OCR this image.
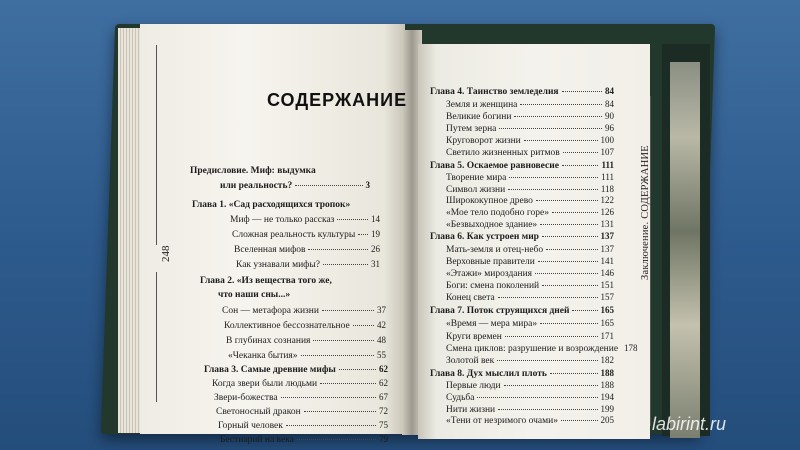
248	Заключение. СОДЕРЖАНИЕ
СОДЕРЖАНИЕ
Предисловие. Миф: выдумка
или реальность?	3
Глава 1. «Сад расходящихся тропок»
Миф — не только рассказ	14
Сложная реальность культуры 19
Вселенная мифов	26
Как узнавали мифы?	31
Глава 2. «Из вещества того же,
что наши сны...»
Сон — метафора жизни	37
Коллективное бессознательное	42
В глубинах сознания	48
«Чеканка бытия»	55
Глава 3. Самые древние мифы	62
Когда звери были людьми	62
Звери-божества	67
Светоносный дракон	72
Горный человек	75
Бестиарий на века	79
Глава 4. Таинство земледелия	84
Земля и женщина	84
Великие богини	90
Путем зерна	96
Круговорот жизни	100
Светило жизненных ритмов	107
Глава 5. Оскаемое равновесие	111
Творение мира	111
Символ жизни	118
Ширококупное древо	122
«Мое тело подобно горе»	126
«Безвыходное здание»	131
Глава 6. Как устроен мир	137
Мать-земля и отец-небо	137
Верховные правители	141
«Этажи» мироздания	146
Боги: смена поколений	151
Конец света	157
Глава 7. Поток струящихся дней	165
«Время — мера мира»	165
Круги времен	171
Смена циклов: разрушение и возрождение 178
Золотой век	182
Глава 8. Дух мыслил плоть	188
Первые люди	188
Судьба	194
Нити жизни	199
«Тени от незримого очами»	205 labirint.ru
